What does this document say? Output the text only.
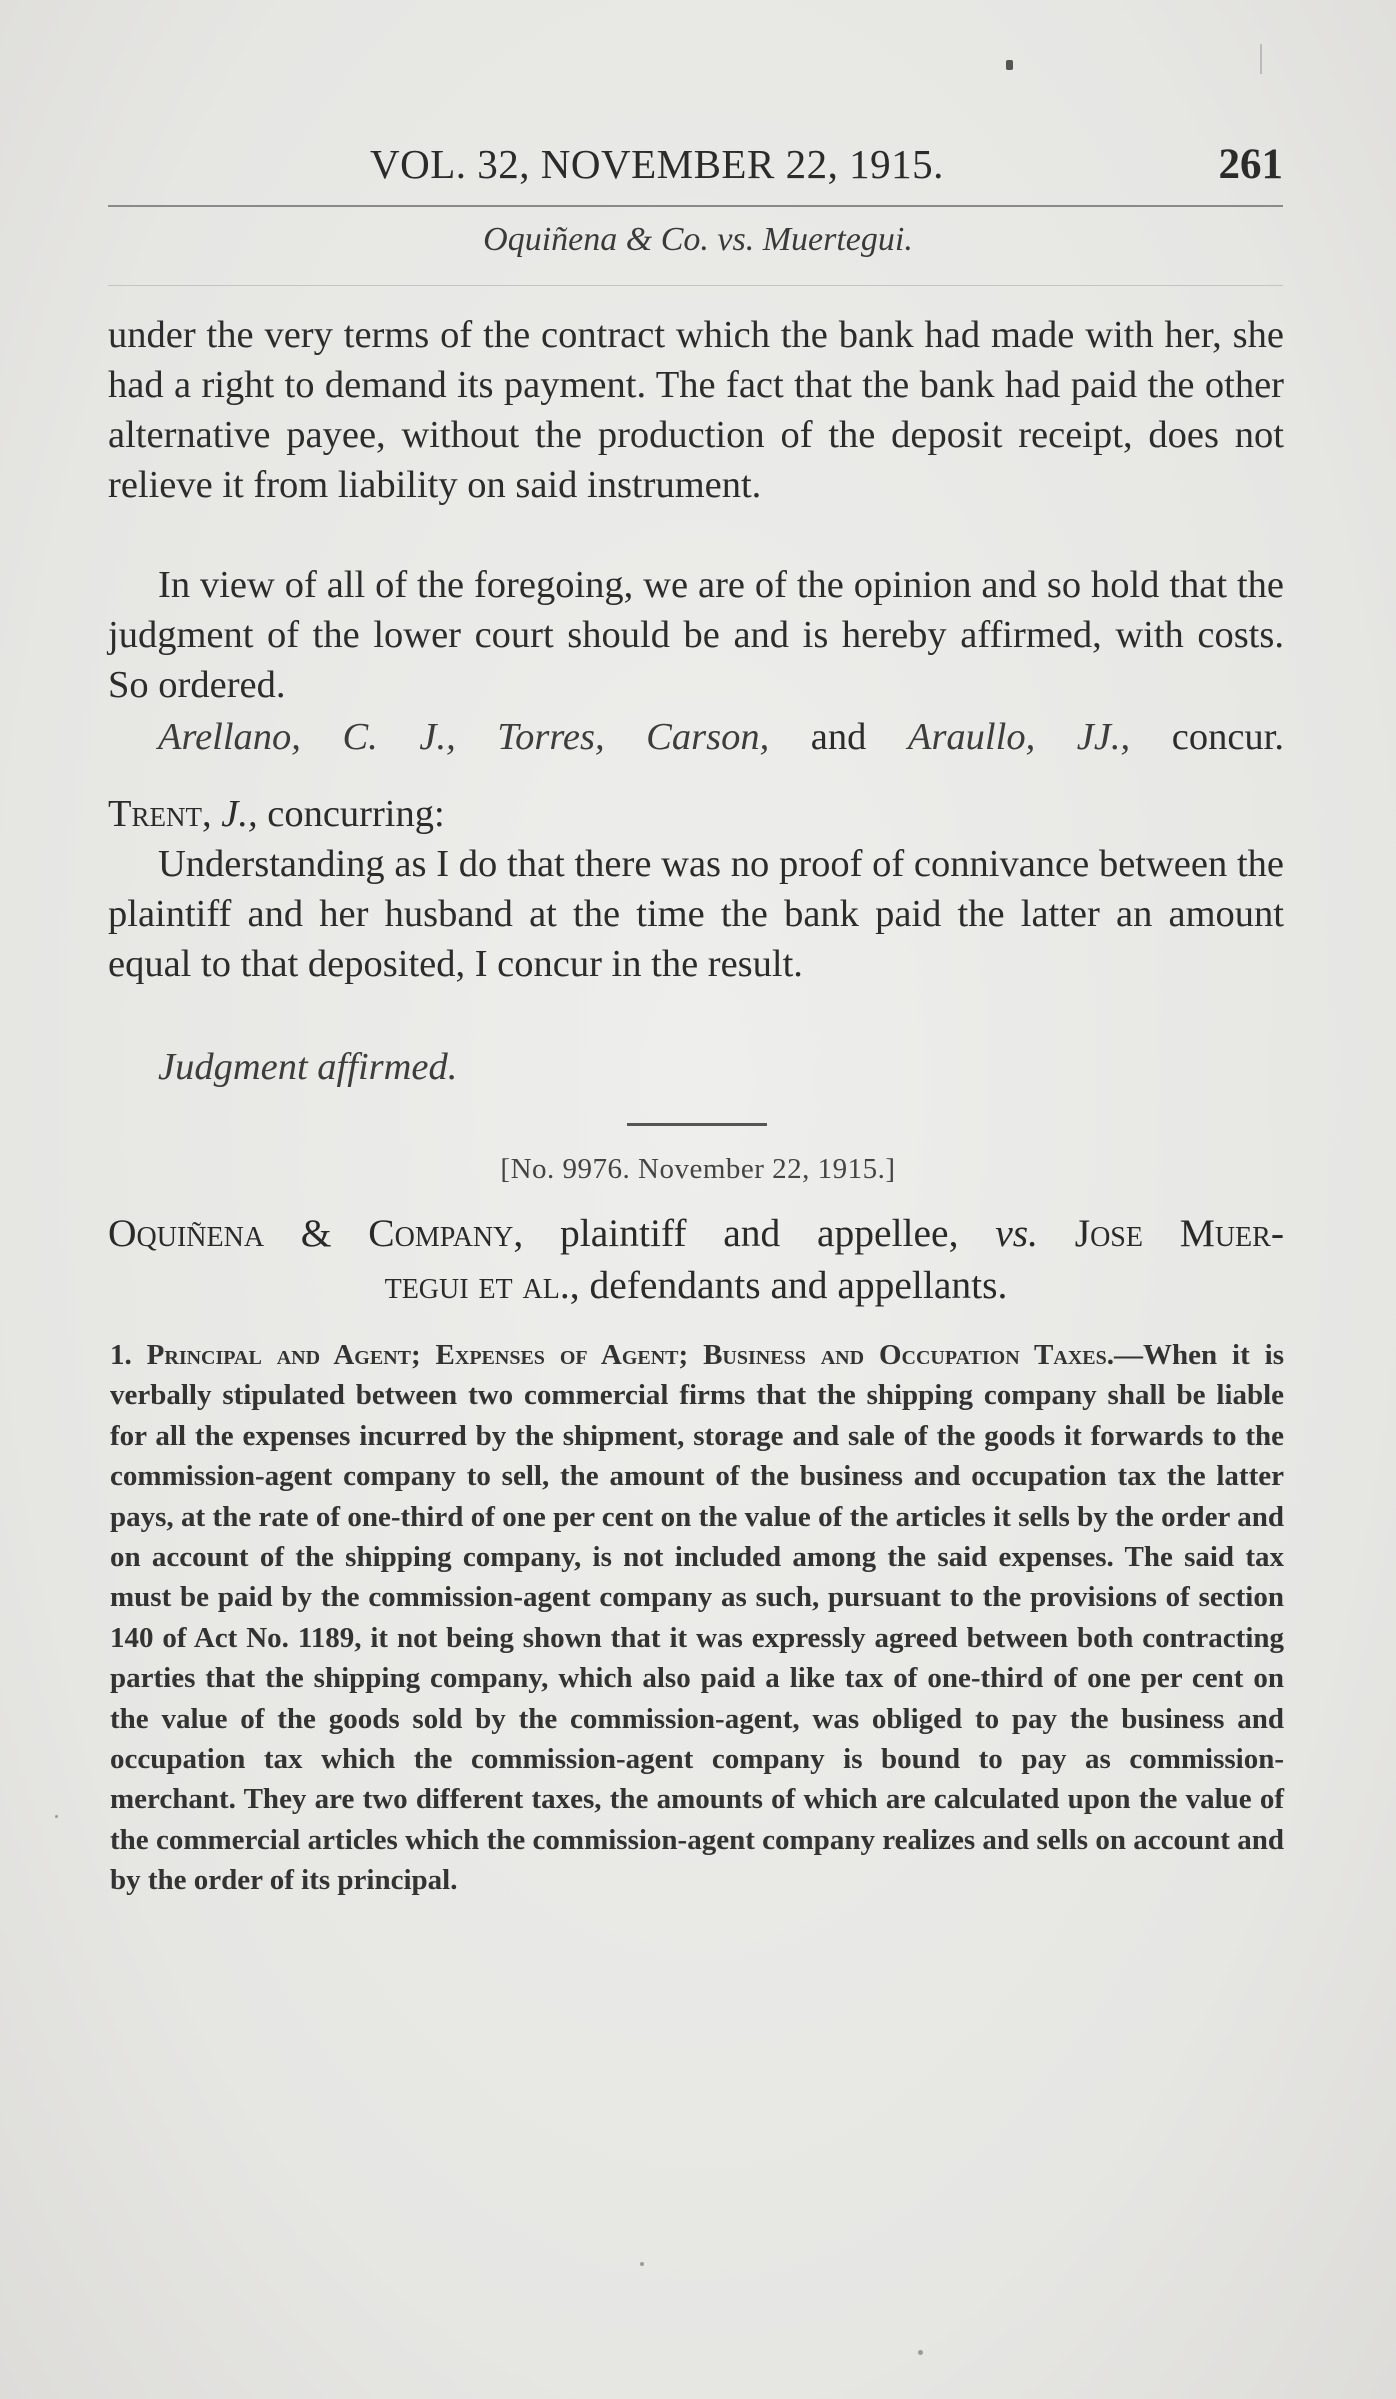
VOL. 32, NOVEMBER 22, 1915.	261
Oquiñena & Co. vs. Muertegui.
under the very terms of the contract which the bank had made with her, she had a right to demand its payment. The fact that the bank had paid the other alternative payee, without the production of the deposit receipt, does not relieve it from liability on said instrument.
In view of all of the foregoing, we are of the opinion and so hold that the judgment of the lower court should be and is hereby affirmed, with costs. So ordered.
Arellano, C. J., Torres, Carson, and Araullo, JJ., concur.
Trent, J., concurring:
Understanding as I do that there was no proof of connivance between the plaintiff and her husband at the time the bank paid the latter an amount equal to that deposited, I concur in the result.
Judgment affirmed.
[No. 9976. November 22, 1915.]
Oquiñena & Company, plaintiff and appellee, vs. Jose Muer-
tegui et al., defendants and appellants.
1. Principal and Agent; Expenses of Agent; Business and Occupation Taxes.—When it is verbally stipulated between two commercial firms that the shipping company shall be liable for all the expenses incurred by the shipment, storage and sale of the goods it forwards to the commission-agent company to sell, the amount of the business and occupation tax the latter pays, at the rate of one-third of one per cent on the value of the articles it sells by the order and on account of the shipping company, is not included among the said expenses. The said tax must be paid by the commission-agent company as such, pursuant to the provisions of section 140 of Act No. 1189, it not being shown that it was expressly agreed between both contracting parties that the shipping company, which also paid a like tax of one-third of one per cent on the value of the goods sold by the commission-agent, was obliged to pay the business and occupation tax which the commission-agent company is bound to pay as commission-merchant. They are two different taxes, the amounts of which are calculated upon the value of the commercial articles which the commission-agent company realizes and sells on account and by the order of its principal.
